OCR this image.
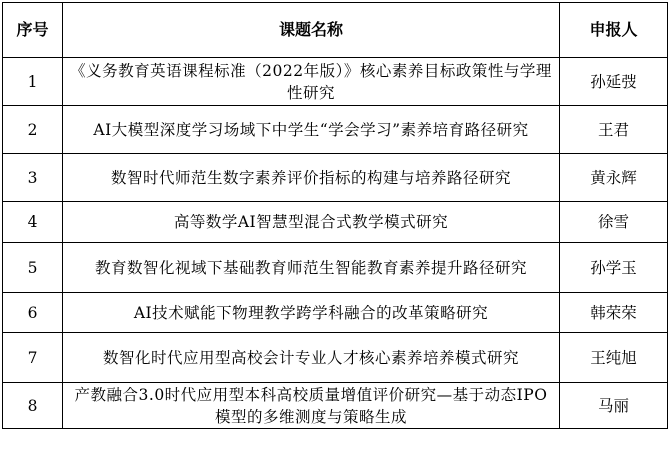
序号	课题名称	申报人
1	《义务教育英语课程标准（2022年版）》核心素养目标政策性与学理性研究	孙延弢
2	AI大模型深度学习场域下中学生“学会学习”素养培育路径研究	王君
3	数智时代师范生数字素养评价指标的构建与培养路径研究	黄永辉
4	高等数学AI智慧型混合式教学模式研究	徐雪
5	教育数智化视域下基础教育师范生智能教育素养提升路径研究	孙学玉
6	AI技术赋能下物理教学跨学科融合的改革策略研究	韩荣荣
7	数智化时代应用型高校会计专业人才核心素养培养模式研究	王纯旭
8	产教融合3.0时代应用型本科高校质量增值评价研究—基于动态IPO模型的多维测度与策略生成	马丽
